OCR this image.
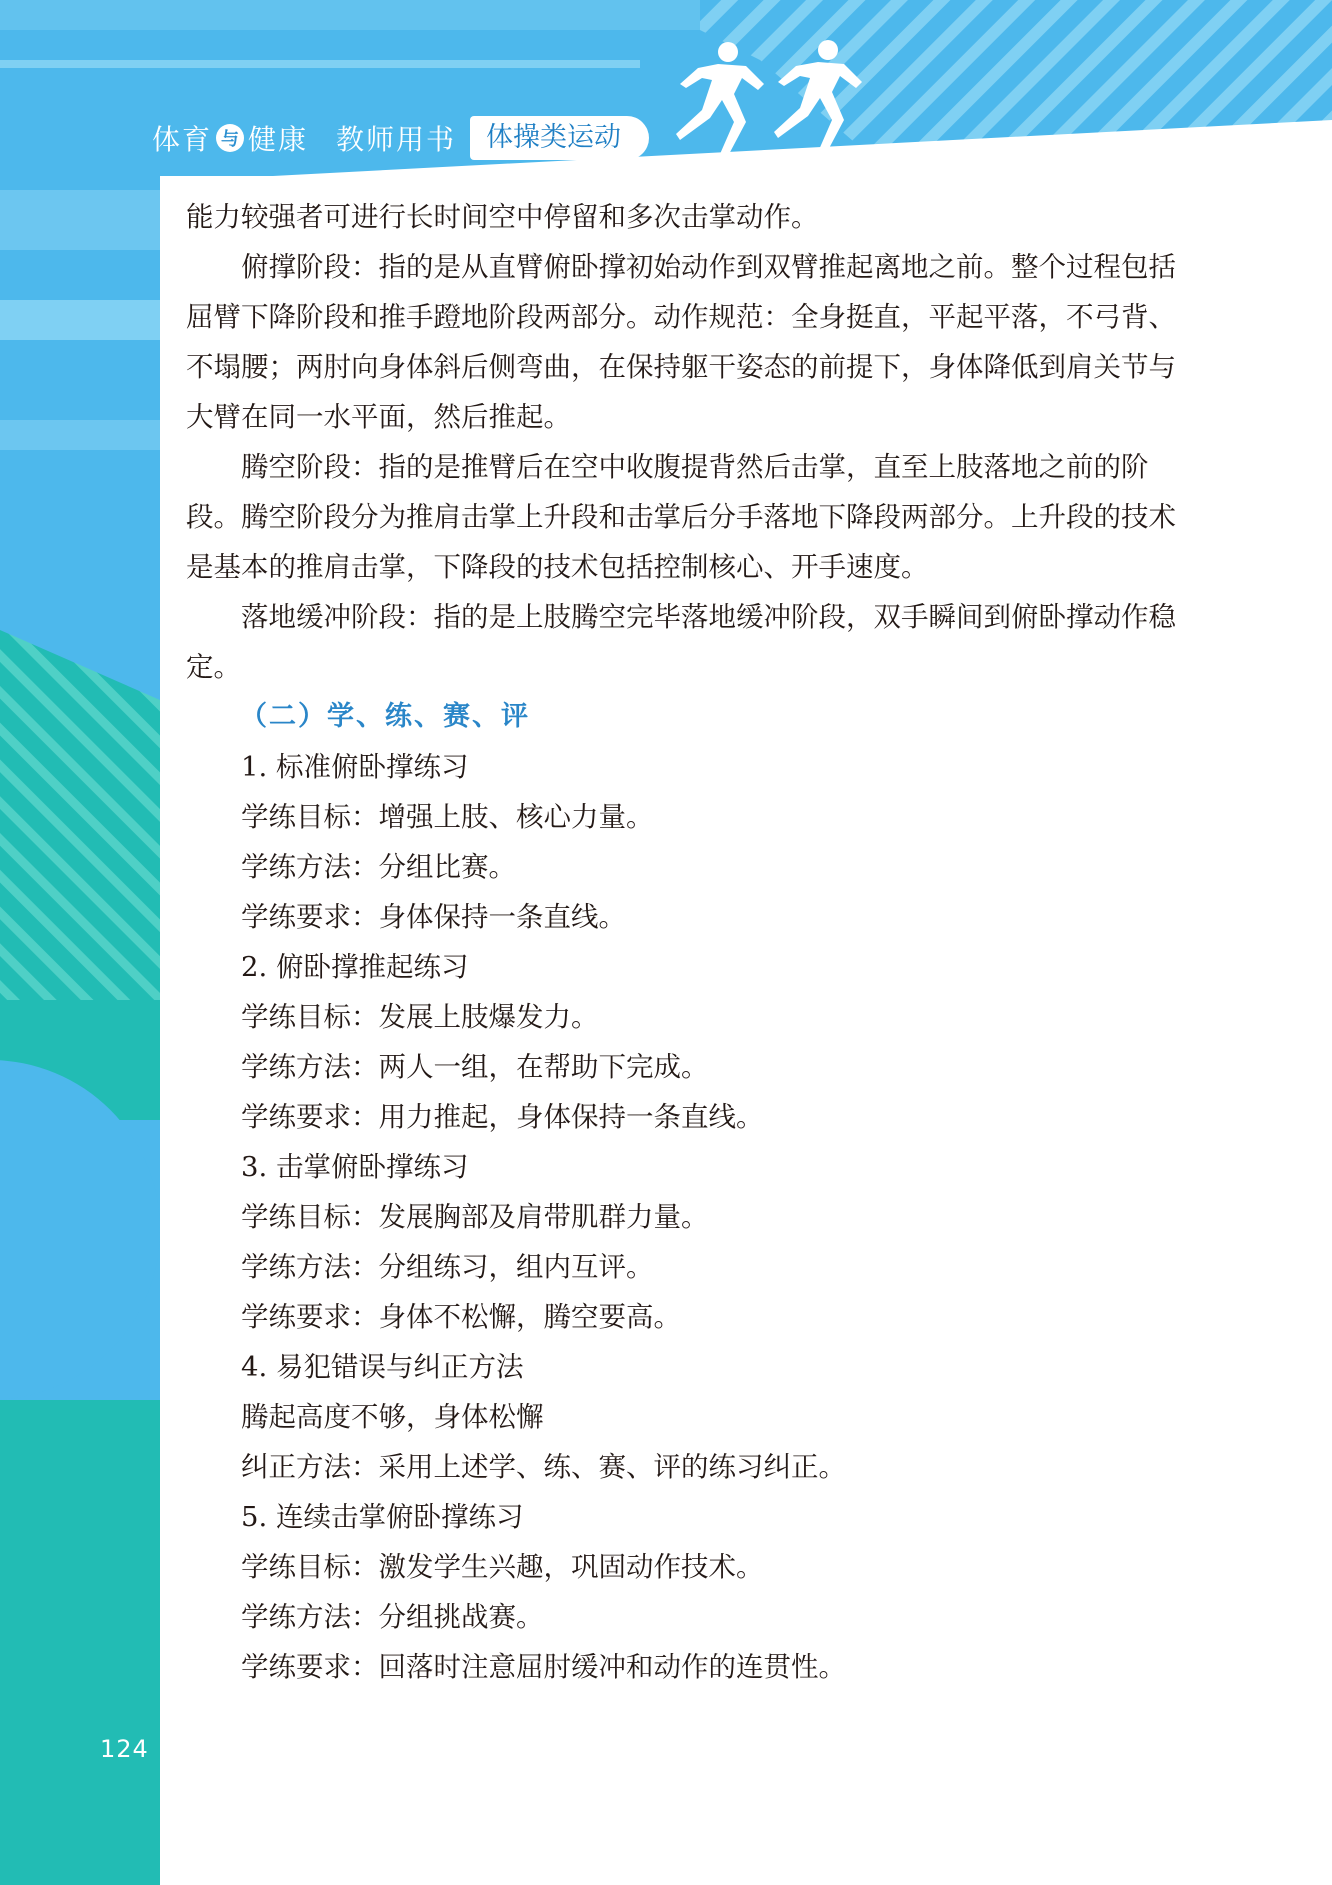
体育 与 健康 教师用书	体操类运动

能力较强者可进行长时间空中停留和多次击掌动作。

俯撑阶段：指的是从直臂俯卧撑初始动作到双臂推起离地之前。整个过程包括屈臂下降阶段和推手蹬地阶段两部分。动作规范：全身挺直，平起平落，不弓背、不塌腰；两肘向身体斜后侧弯曲，在保持躯干姿态的前提下，身体降低到肩关节与大臂在同一水平面，然后推起。

腾空阶段：指的是推臂后在空中收腹提背然后击掌，直至上肢落地之前的阶段。腾空阶段分为推肩击掌上升段和击掌后分手落地下降段两部分。上升段的技术是基本的推肩击掌，下降段的技术包括控制核心、开手速度。

落地缓冲阶段：指的是上肢腾空完毕落地缓冲阶段，双手瞬间到俯卧撑动作稳定。

（二）学、练、赛、评

1. 标准俯卧撑练习

学练目标：增强上肢、核心力量。

学练方法：分组比赛。

学练要求：身体保持一条直线。

2. 俯卧撑推起练习

学练目标：发展上肢爆发力。

学练方法：两人一组，在帮助下完成。

学练要求：用力推起，身体保持一条直线。

3. 击掌俯卧撑练习

学练目标：发展胸部及肩带肌群力量。

学练方法：分组练习，组内互评。

学练要求：身体不松懈，腾空要高。

4. 易犯错误与纠正方法

腾起高度不够，身体松懈

纠正方法：采用上述学、练、赛、评的练习纠正。

5. 连续击掌俯卧撑练习

学练目标：激发学生兴趣，巩固动作技术。

学练方法：分组挑战赛。

学练要求：回落时注意屈肘缓冲和动作的连贯性。

124
